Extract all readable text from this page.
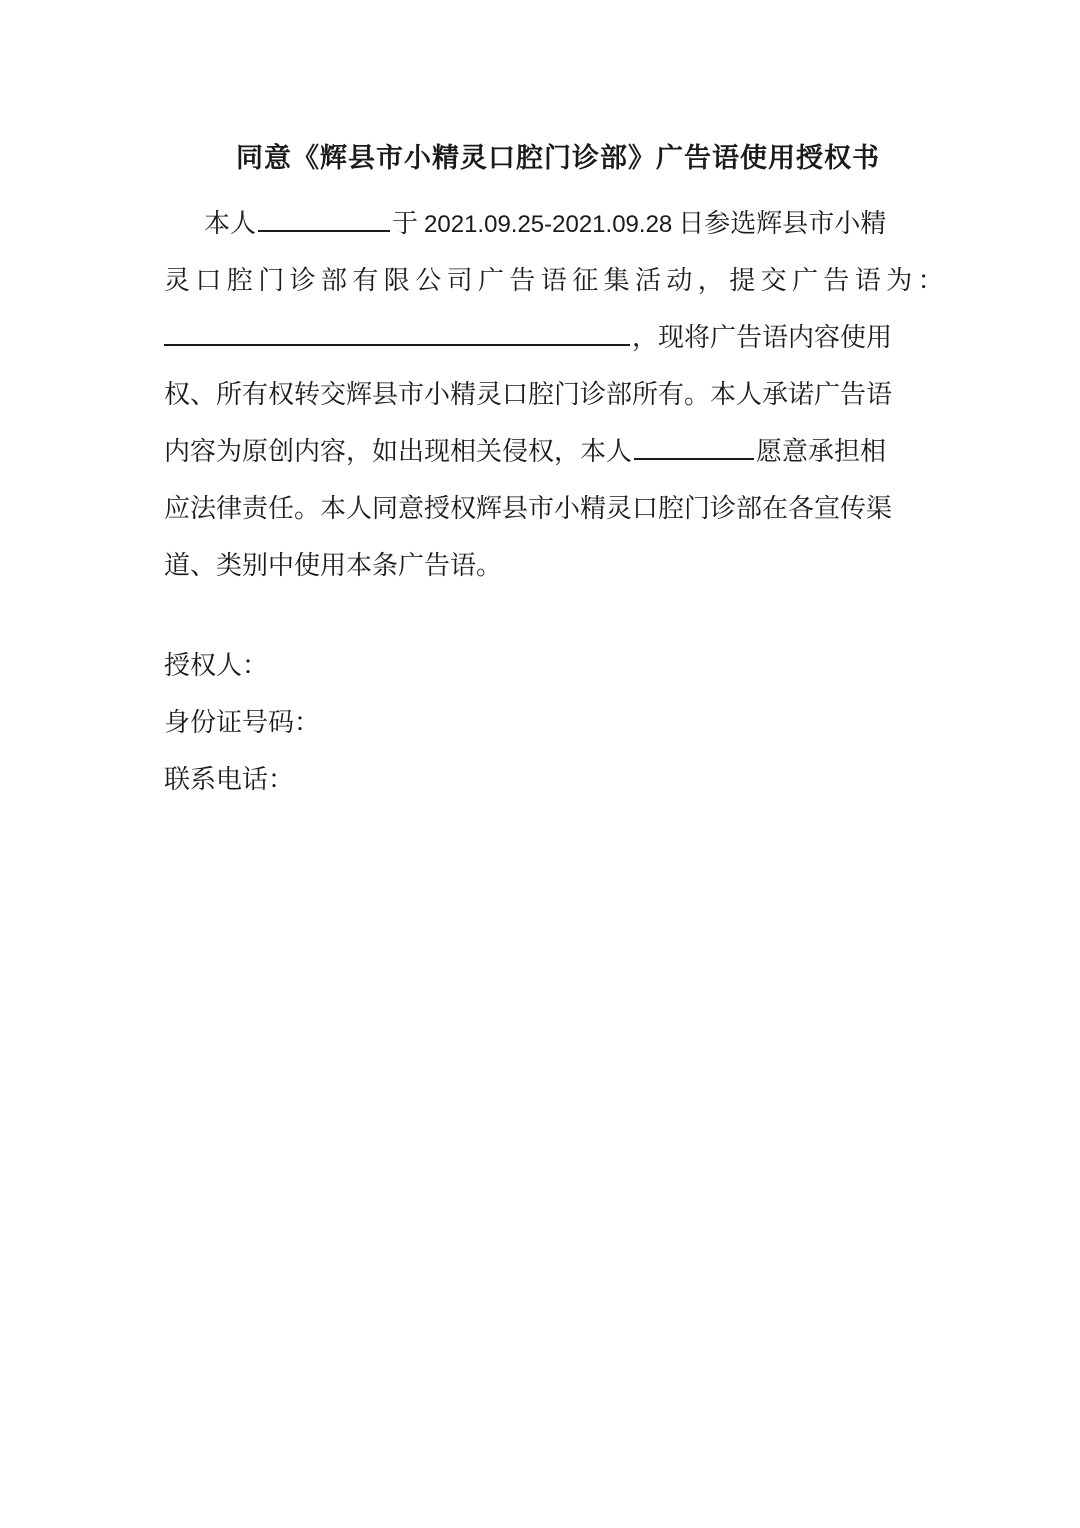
同意《辉县市小精灵口腔门诊部》广告语使用授权书
本人	于 2021.09.25-2021.09.28 日参选辉县市小精
灵口腔门诊部有限公司广告语征集活动，提交广告语为：
，现将广告语内容使用
权、所有权转交辉县市小精灵口腔门诊部所有。本人承诺广告语
内容为原创内容，如出现相关侵权，本人	愿意承担相
应法律责任。本人同意授权辉县市小精灵口腔门诊部在各宣传渠
道、类别中使用本条广告语。
授权人：
身份证号码：
联系电话：
